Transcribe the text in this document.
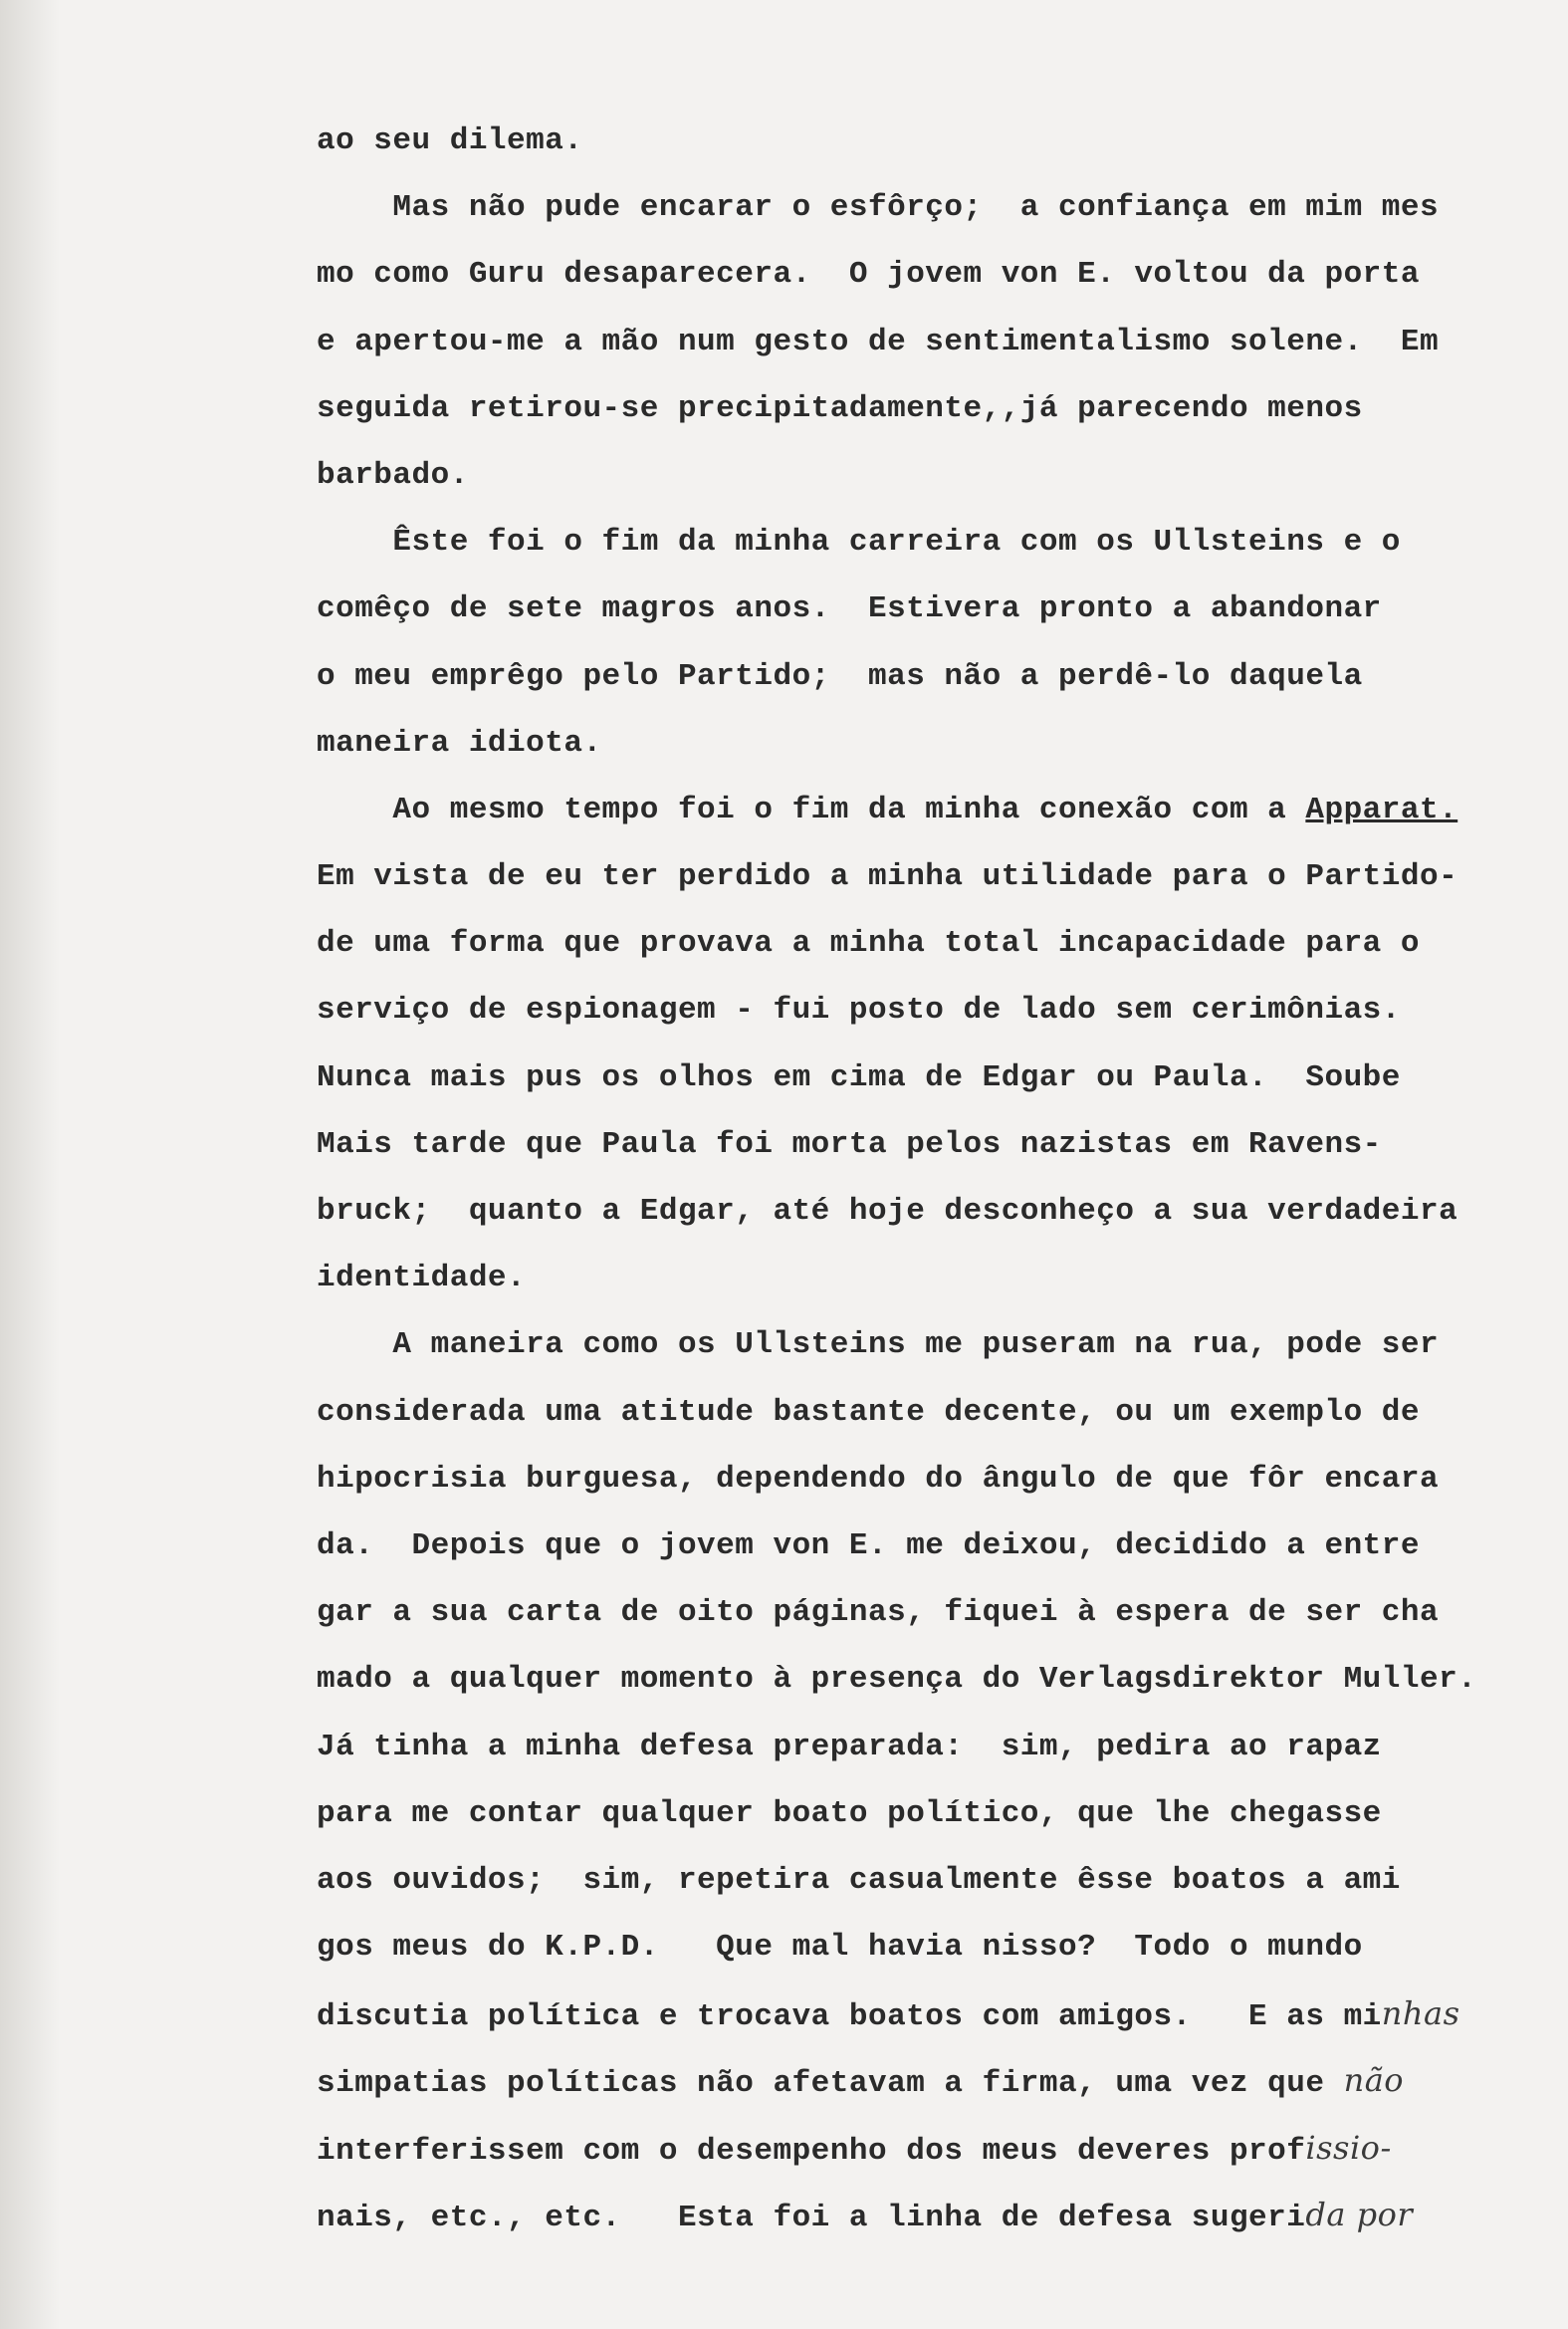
ao seu dilema.
Mas não pude encarar o esfôrço;  a confiança em mim mes
mo como Guru desaparecera.  O jovem von E. voltou da porta
e apertou-me a mão num gesto de sentimentalismo solene.  Em
seguida retirou-se precipitadamente,,já parecendo menos
barbado.
Êste foi o fim da minha carreira com os Ullsteins e o
comêço de sete magros anos.  Estivera pronto a abandonar
o meu emprêgo pelo Partido;  mas não a perdê-lo daquela
maneira idiota.
Ao mesmo tempo foi o fim da minha conexão com a Apparat.
Em vista de eu ter perdido a minha utilidade para o Partido-
de uma forma que provava a minha total incapacidade para o
serviço de espionagem - fui posto de lado sem cerimônias.
Nunca mais pus os olhos em cima de Edgar ou Paula.  Soube
Mais tarde que Paula foi morta pelos nazistas em Ravens-
bruck;  quanto a Edgar, até hoje desconheço a sua verdadeira
identidade.
A maneira como os Ullsteins me puseram na rua, pode ser
considerada uma atitude bastante decente, ou um exemplo de
hipocrisia burguesa, dependendo do ângulo de que fôr encara
da.  Depois que o jovem von E. me deixou, decidido a entre
gar a sua carta de oito páginas, fiquei à espera de ser cha
mado a qualquer momento à presença do Verlagsdirektor Muller.
Já tinha a minha defesa preparada:  sim, pedira ao rapaz
para me contar qualquer boato político, que lhe chegasse
aos ouvidos;  sim, repetira casualmente êsse boatos a ami
gos meus do K.P.D.   Que mal havia nisso?  Todo o mundo
discutia política e trocava boatos com amigos.   E as minhas
simpatias políticas não afetavam a firma, uma vez que não
interferissem com o desempenho dos meus deveres profissio-
nais, etc., etc.   Esta foi a linha de defesa sugerida por
